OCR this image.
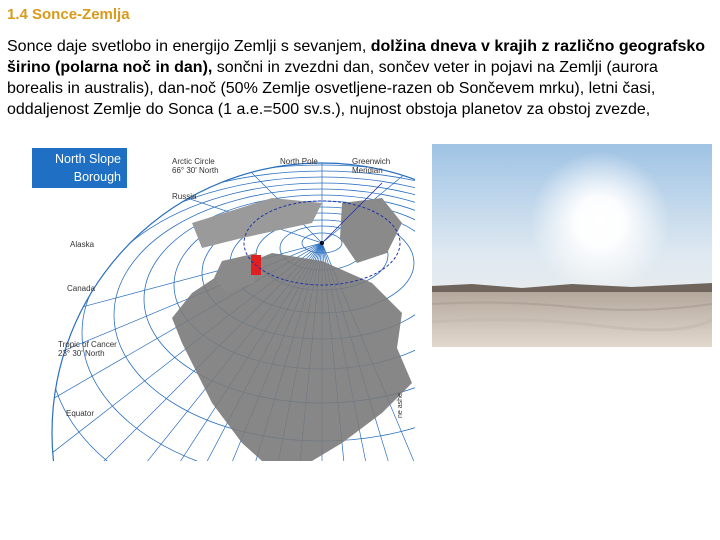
1.4 Sonce-Zemlja
Sonce daje svetlobo in energijo Zemlji s sevanjem, dolžina dneva v krajih z različno geografsko širino (polarna noč in dan), sončni in zvezdni dan, sončev veter in pojavi na Zemlji (aurora borealis in australis), dan-noč (50% Zemlje osvetljene-razen ob Sončevem mrku), letni časi, oddaljenost Zemlje do Sonca (1 a.e.=500 sv.s.), nujnost obstoja planetov za obstoj zvezde,
North Slope
Borough
Arctic Circle
66° 30' North
North Pole	Greenwich
Meridian
Russia
Alaska
Canada
Tropic of Cancer
23° 30' North
Equator	ne ashe
